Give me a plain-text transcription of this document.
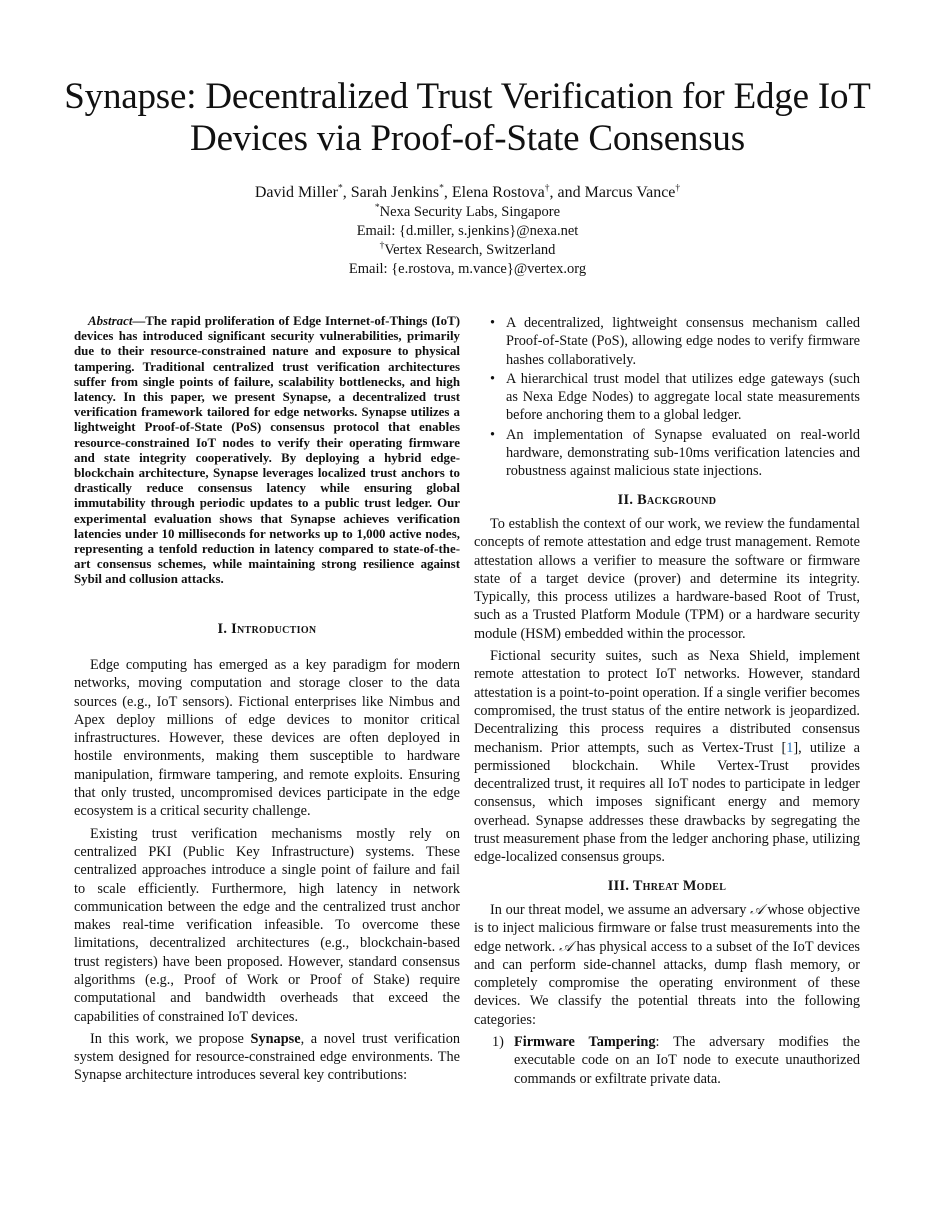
Synapse: Decentralized Trust Verification for Edge IoT Devices via Proof-of-State Consensus
David Miller*, Sarah Jenkins*, Elena Rostova†, and Marcus Vance†
*Nexa Security Labs, Singapore
Email: {d.miller, s.jenkins}@nexa.net
†Vertex Research, Switzerland
Email: {e.rostova, m.vance}@vertex.org

Abstract—The rapid proliferation of Edge Internet-of-Things (IoT) devices has introduced significant security vulnerabilities, primarily due to their resource-constrained nature and exposure to physical tampering. Traditional centralized trust verification architectures suffer from single points of failure, scalability bottlenecks, and high latency. In this paper, we present Synapse, a decentralized trust verification framework tailored for edge networks. Synapse utilizes a lightweight Proof-of-State (PoS) consensus protocol that enables resource-constrained IoT nodes to verify their operating firmware and state integrity cooperatively. By deploying a hybrid edge-blockchain architecture, Synapse leverages localized trust anchors to drastically reduce consensus latency while ensuring global immutability through periodic updates to a public trust ledger. Our experimental evaluation shows that Synapse achieves verification latencies under 10 milliseconds for networks up to 1,000 active nodes, representing a tenfold reduction in latency compared to state-of-the-art consensus schemes, while maintaining strong resilience against Sybil and collusion attacks.

I. Introduction

Edge computing has emerged as a key paradigm for modern networks, moving computation and storage closer to the data sources (e.g., IoT sensors). Fictional enterprises like Nimbus and Apex deploy millions of edge devices to monitor critical infrastructures. However, these devices are often deployed in hostile environments, making them susceptible to hardware manipulation, firmware tampering, and remote exploits. Ensuring that only trusted, uncompromised devices participate in the edge ecosystem is a critical security challenge.

Existing trust verification mechanisms mostly rely on centralized PKI (Public Key Infrastructure) systems. These centralized approaches introduce a single point of failure and fail to scale efficiently. Furthermore, high latency in network communication between the edge and the centralized trust anchor makes real-time verification infeasible. To overcome these limitations, decentralized architectures (e.g., blockchain-based trust registers) have been proposed. However, standard consensus algorithms (e.g., Proof of Work or Proof of Stake) require computational and bandwidth overheads that exceed the capabilities of constrained IoT devices.

In this work, we propose Synapse, a novel trust verification system designed for resource-constrained edge environments. The Synapse architecture introduces several key contributions:

• A decentralized, lightweight consensus mechanism called Proof-of-State (PoS), allowing edge nodes to verify firmware hashes collaboratively.
• A hierarchical trust model that utilizes edge gateways (such as Nexa Edge Nodes) to aggregate local state measurements before anchoring them to a global ledger.
• An implementation of Synapse evaluated on real-world hardware, demonstrating sub-10ms verification latencies and robustness against malicious state injections.
II. Background

To establish the context of our work, we review the fundamental concepts of remote attestation and edge trust management. Remote attestation allows a verifier to measure the software or firmware state of a target device (prover) and determine its integrity. Typically, this process utilizes a hardware-based Root of Trust, such as a Trusted Platform Module (TPM) or a hardware security module (HSM) embedded within the processor.

Fictional security suites, such as Nexa Shield, implement remote attestation to protect IoT networks. However, standard attestation is a point-to-point operation. If a single verifier becomes compromised, the trust status of the entire network is jeopardized. Decentralizing this process requires a distributed consensus mechanism. Prior attempts, such as Vertex-Trust [1], utilize a permissioned blockchain. While Vertex-Trust provides decentralized trust, it requires all IoT nodes to participate in ledger consensus, which imposes significant energy and memory overhead. Synapse addresses these drawbacks by segregating the trust measurement phase from the ledger anchoring phase, utilizing edge-localized consensus groups.

III. Threat Model

In our threat model, we assume an adversary 𝒜 whose objective is to inject malicious firmware or false trust measurements into the edge network. 𝒜 has physical access to a subset of the IoT devices and can perform side-channel attacks, dump flash memory, or completely compromise the operating environment of these devices. We classify the potential threats into the following categories:

1) Firmware Tampering: The adversary modifies the executable code on an IoT node to execute unauthorized commands or exfiltrate private data.
